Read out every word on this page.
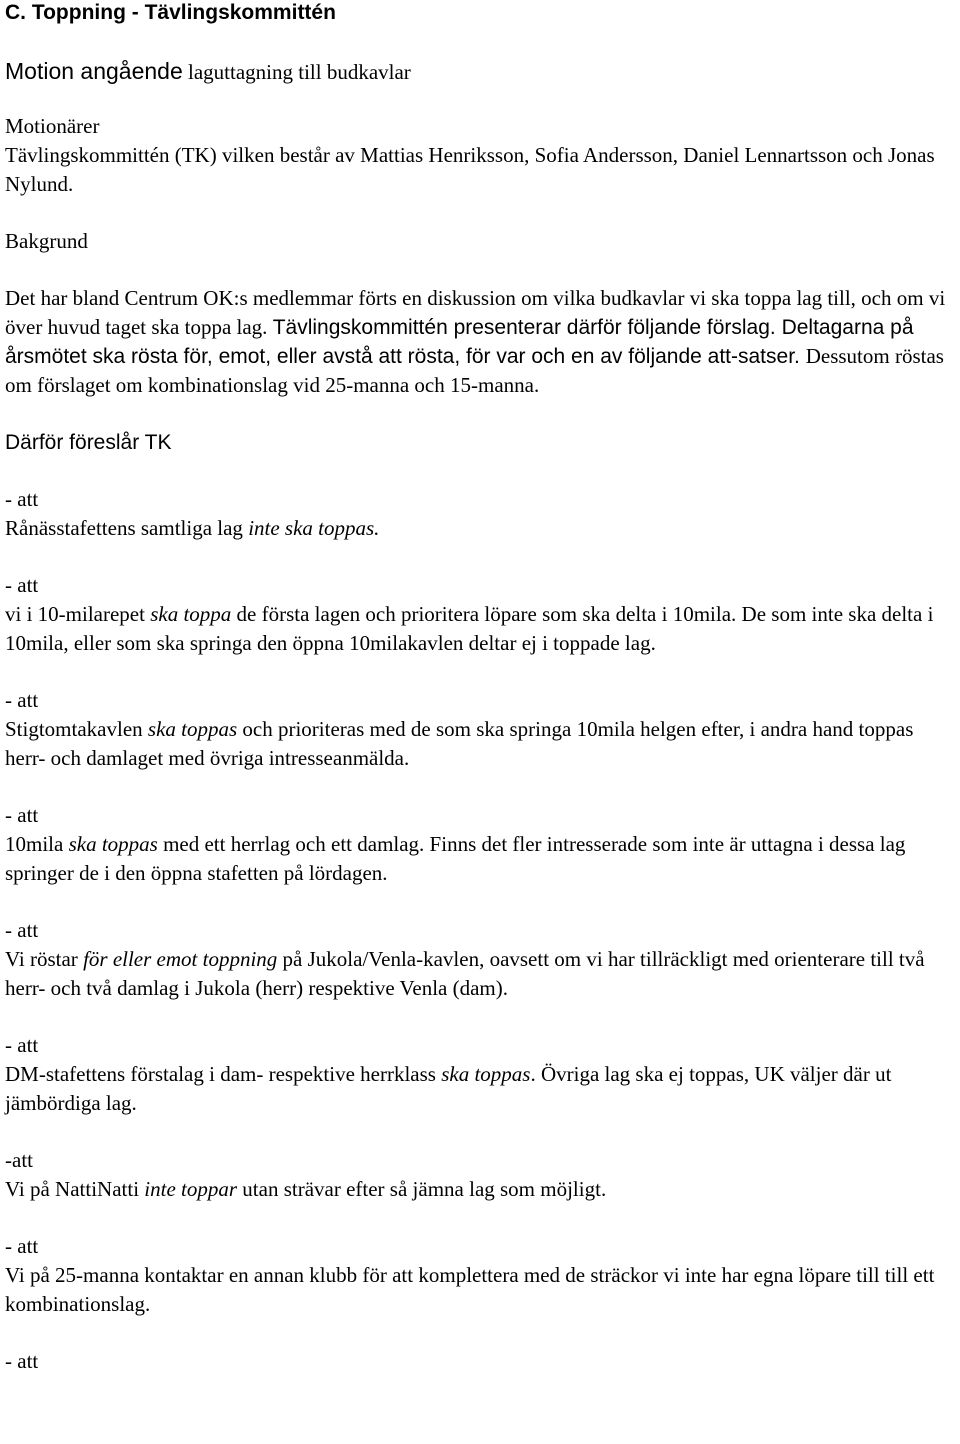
C. Toppning - Tävlingskommittén
Motion angående laguttagning till budkavlar

Motionärer

Tävlingskommittén (TK) vilken består av Mattias Henriksson, Sofia Andersson, Daniel Lennartsson och Jonas Nylund.

Bakgrund

Det har bland Centrum OK:s medlemmar förts en diskussion om vilka budkavlar vi ska toppa lag till, och om vi över huvud taget ska toppa lag. Tävlingskommittén presenterar därför följande förslag. Deltagarna på årsmötet ska rösta för, emot, eller avstå att rösta, för var och en av följande att-satser. Dessutom röstas om förslaget om kombinationslag vid 25-manna och 15-manna.

Därför föreslår TK

- att

Rånässtafettens samtliga lag inte ska toppas.

- att

vi i 10-milarepet ska toppa de första lagen och prioritera löpare som ska delta i 10mila. De som inte ska delta i 10mila, eller som ska springa den öppna 10milakavlen deltar ej i toppade lag.

- att

Stigtomtakavlen ska toppas och prioriteras med de som ska springa 10mila helgen efter, i andra hand toppas herr- och damlaget med övriga intresseanmälda.

- att

10mila ska toppas med ett herrlag och ett damlag. Finns det fler intresserade som inte är uttagna i dessa lag springer de i den öppna stafetten på lördagen.

- att

Vi röstar för eller emot toppning på Jukola/Venla-kavlen, oavsett om vi har tillräckligt med orienterare till två herr- och två damlag i Jukola (herr) respektive Venla (dam).

- att

DM-stafettens förstalag i dam- respektive herrklass ska toppas. Övriga lag ska ej toppas, UK väljer där ut jämbördiga lag.

-att

Vi på NattiNatti inte toppar utan strävar efter så jämna lag som möjligt.

- att

Vi på 25-manna kontaktar en annan klubb för att komplettera med de sträckor vi inte har egna löpare till till ett kombinationslag.

- att
